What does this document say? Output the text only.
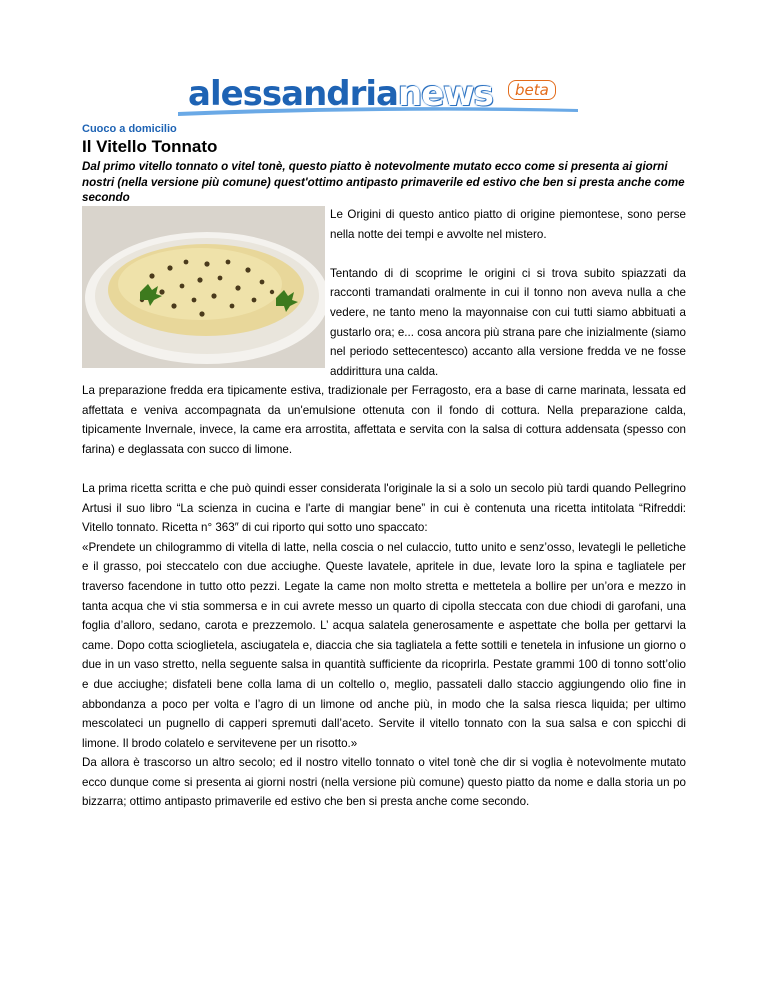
alessandrianews	beta
Cuoco a domicilio
Il Vitello Tonnato

Dal primo vitello tonnato o vitel tonè, questo piatto è notevolmente mutato ecco come si presenta ai giorni nostri (nella versione più comune) quest'ottimo antipasto primaverile ed estivo che ben si presta anche come secondo

Le Origini di questo antico piatto di origine piemontese, sono perse nella notte dei tempi e avvolte nel mistero.

Tentando di di scoprime le origini ci si trova subito spiazzati da racconti tramandati oralmente in cui il tonno non aveva nulla a che vedere, ne tanto meno la mayonnaise con cui tutti siamo abbituati a gustarlo ora; e... cosa ancora più strana pare che inizialmente (siamo nel periodo settecentesco) accanto alla versione fredda ve ne fosse addirittura una calda.

La preparazione fredda era tipicamente estiva, tradizionale per Ferragosto, era a base di carne marinata, lessata ed affettata e veniva accompagnata da un'emulsione ottenuta con il fondo di cottura. Nella preparazione calda, tipicamente Invernale, invece, la came era arrostita, affettata e servita con la salsa di cottura addensata (spesso con farina) e deglassata con succo di limone.

La prima ricetta scritta e che può quindi esser considerata l'originale la si a solo un secolo più tardi quando Pellegrino Artusi il suo libro “La scienza in cucina e l'arte di mangiar bene” in cui è contenuta una ricetta intitolata “Rifreddi: Vitello tonnato. Ricetta n° 363″ di cui riporto qui sotto uno spaccato:

«Prendete un chilogrammo di vitella di latte, nella coscia o nel culaccio, tutto unito e senz’osso, levategli le pelletiche e il grasso, poi steccatelo con due acciughe. Queste lavatele, apritele in due, levate loro la spina e tagliatele per traverso facendone in tutto otto pezzi. Legate la came non molto stretta e mettetela a bollire per un’ora e mezzo in tanta acqua che vi stia sommersa e in cui avrete messo un quarto di cipolla steccata con due chiodi di garofani, una foglia d’alloro, sedano, carota e prezzemolo. L’ acqua salatela generosamente e aspettate che bolla per gettarvi la came. Dopo cotta scioglietela, asciugatela e, diaccia che sia tagliatela a fette sottili e tenetela in infusione un giorno o due in un vaso stretto, nella seguente salsa in quantità sufficiente da ricoprirla. Pestate grammi 100 di tonno sott’olio e due acciughe; disfateli bene colla lama di un coltello o, meglio, passateli dallo staccio aggiungendo olio fine in abbondanza a poco per volta e l’agro di un limone od anche più, in modo che la salsa riesca liquida; per ultimo mescolateci un pugnello di capperi spremuti dall’aceto. Servite il vitello tonnato con la sua salsa e con spicchi di limone. Il brodo colatelo e servitevene per un risotto.»

Da allora è trascorso un altro secolo; ed il nostro vitello tonnato o vitel tonè che dir si voglia è notevolmente mutato ecco dunque come si presenta ai giorni nostri (nella versione più comune) questo piatto da nome e dalla storia un po bizzarra; ottimo antipasto primaverile ed estivo che ben si presta anche come secondo.
